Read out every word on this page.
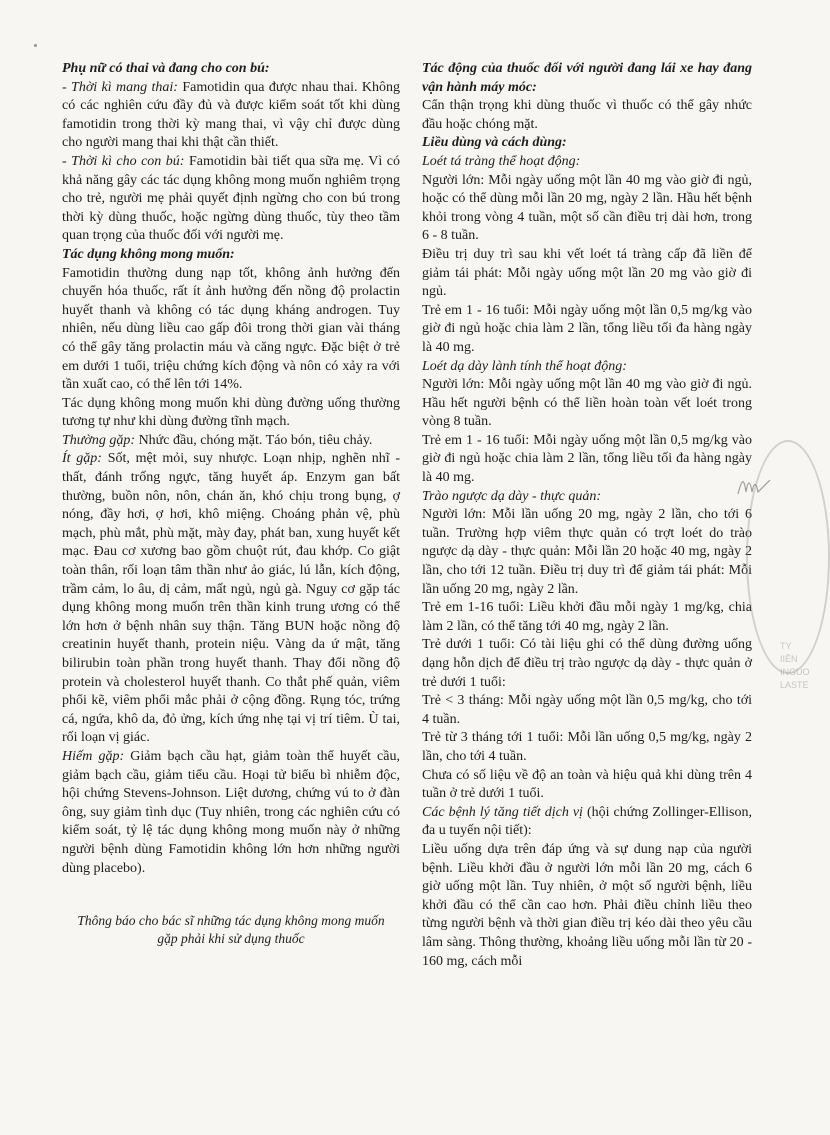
Phụ nữ có thai và đang cho con bú:

- Thời kì mang thai: Famotidin qua được nhau thai. Không có các nghiên cứu đầy đủ và được kiểm soát tốt khi dùng famotidin trong thời kỳ mang thai, vì vậy chỉ được dùng cho người mang thai khi thật cần thiết.

- Thời kì cho con bú: Famotidin bài tiết qua sữa mẹ. Vì có khả năng gây các tác dụng không mong muốn nghiêm trọng cho trẻ, người mẹ phải quyết định ngừng cho con bú trong thời kỳ dùng thuốc, hoặc ngừng dùng thuốc, tùy theo tầm quan trọng của thuốc đối với người mẹ.

Tác dụng không mong muốn:

Famotidin thường dung nạp tốt, không ảnh hưởng đến chuyển hóa thuốc, rất ít ảnh hưởng đến nồng độ prolactin huyết thanh và không có tác dụng kháng androgen. Tuy nhiên, nếu dùng liều cao gấp đôi trong thời gian vài tháng có thể gây tăng prolactin máu và căng ngực. Đặc biệt ở trẻ em dưới 1 tuổi, triệu chứng kích động và nôn có xảy ra với tần xuất cao, có thể lên tới 14%.

Tác dụng không mong muốn khi dùng đường uống thường tương tự như khi dùng đường tĩnh mạch.

Thường gặp: Nhức đầu, chóng mặt. Táo bón, tiêu chảy.

Ít gặp: Sốt, mệt mỏi, suy nhược. Loạn nhịp, nghẽn nhĩ - thất, đánh trống ngực, tăng huyết áp. Enzym gan bất thường, buồn nôn, nôn, chán ăn, khó chịu trong bụng, ợ nóng, đầy hơi, ợ hơi, khô miệng. Choáng phản vệ, phù mạch, phù mắt, phù mặt, mày đay, phát ban, xung huyết kết mạc. Đau cơ xương bao gồm chuột rút, đau khớp. Co giật toàn thân, rối loạn tâm thần như ảo giác, lú lẫn, kích động, trầm cảm, lo âu, dị cảm, mất ngủ, ngủ gà. Nguy cơ gặp tác dụng không mong muốn trên thần kinh trung ương có thể lớn hơn ở bệnh nhân suy thận. Tăng BUN hoặc nồng độ creatinin huyết thanh, protein niệu. Vàng da ứ mật, tăng bilirubin toàn phần trong huyết thanh. Thay đổi nồng độ protein và cholesterol huyết thanh. Co thắt phế quản, viêm phổi kẽ, viêm phổi mắc phải ở cộng đồng. Rụng tóc, trứng cá, ngứa, khô da, đỏ ửng, kích ứng nhẹ tại vị trí tiêm. Ù tai, rối loạn vị giác.

Hiếm gặp: Giảm bạch cầu hạt, giảm toàn thể huyết cầu, giảm bạch cầu, giảm tiểu cầu. Hoại tử biểu bì nhiễm độc, hội chứng Stevens-Johnson. Liệt dương, chứng vú to ở đàn ông, suy giảm tình dục (Tuy nhiên, trong các nghiên cứu có kiểm soát, tỷ lệ tác dụng không mong muốn này ở những người bệnh dùng Famotidin không lớn hơn những người dùng placebo).

Thông báo cho bác sĩ những tác dụng không mong muốn gặp phải khi sử dụng thuốc

Tác động của thuốc đối với người đang lái xe hay đang vận hành máy móc:

Cẩn thận trọng khi dùng thuốc vì thuốc có thể gây nhức đầu hoặc chóng mặt.

Liều dùng và cách dùng:

Loét tá tràng thể hoạt động:

Người lớn: Mỗi ngày uống một lần 40 mg vào giờ đi ngủ, hoặc có thể dùng mỗi lần 20 mg, ngày 2 lần. Hầu hết bệnh khỏi trong vòng 4 tuần, một số cần điều trị dài hơn, trong 6 - 8 tuần.

Điều trị duy trì sau khi vết loét tá tràng cấp đã liền để giảm tái phát: Mỗi ngày uống một lần 20 mg vào giờ đi ngủ.

Trẻ em 1 - 16 tuổi: Mỗi ngày uống một lần 0,5 mg/kg vào giờ đi ngủ hoặc chia làm 2 lần, tổng liều tối đa hàng ngày là 40 mg.

Loét dạ dày lành tính thể hoạt động:

Người lớn: Mỗi ngày uống một lần 40 mg vào giờ đi ngủ. Hầu hết người bệnh có thể liền hoàn toàn vết loét trong vòng 8 tuần.

Trẻ em 1 - 16 tuổi: Mỗi ngày uống một lần 0,5 mg/kg vào giờ đi ngủ hoặc chia làm 2 lần, tổng liều tối đa hàng ngày là 40 mg.

Trào ngược dạ dày - thực quản:

Người lớn: Mỗi lần uống 20 mg, ngày 2 lần, cho tới 6 tuần. Trường hợp viêm thực quản có trợt loét do trào ngược dạ dày - thực quản: Mỗi lần 20 hoặc 40 mg, ngày 2 lần, cho tới 12 tuần. Điều trị duy trì để giảm tái phát: Mỗi lần uống 20 mg, ngày 2 lần.

Trẻ em 1-16 tuổi: Liều khởi đầu mỗi ngày 1 mg/kg, chia làm 2 lần, có thể tăng tới 40 mg, ngày 2 lần.

Trẻ dưới 1 tuổi: Có tài liệu ghi có thể dùng đường uống dạng hỗn dịch để điều trị trào ngược dạ dày - thực quản ở trẻ dưới 1 tuổi:

Trẻ < 3 tháng: Mỗi ngày uống một lần 0,5 mg/kg, cho tới 4 tuần.

Trẻ từ 3 tháng tới 1 tuổi: Mỗi lần uống 0,5 mg/kg, ngày 2 lần, cho tới 4 tuần.

Chưa có số liệu về độ an toàn và hiệu quả khi dùng trên 4 tuần ở trẻ dưới 1 tuổi.

Các bệnh lý tăng tiết dịch vị (hội chứng Zollinger-Ellison, đa u tuyến nội tiết):

Liều uống dựa trên đáp ứng và sự dung nạp của người bệnh. Liều khởi đầu ở người lớn mỗi lần 20 mg, cách 6 giờ uống một lần. Tuy nhiên, ở một số người bệnh, liều khởi đầu có thể cần cao hơn. Phải điều chỉnh liều theo từng người bệnh và thời gian điều trị kéo dài theo yêu cầu lâm sàng. Thông thường, khoảng liều uống mỗi lần từ 20 - 160 mg, cách mỗi

TY
IIÊN
INGUO
LASTE
